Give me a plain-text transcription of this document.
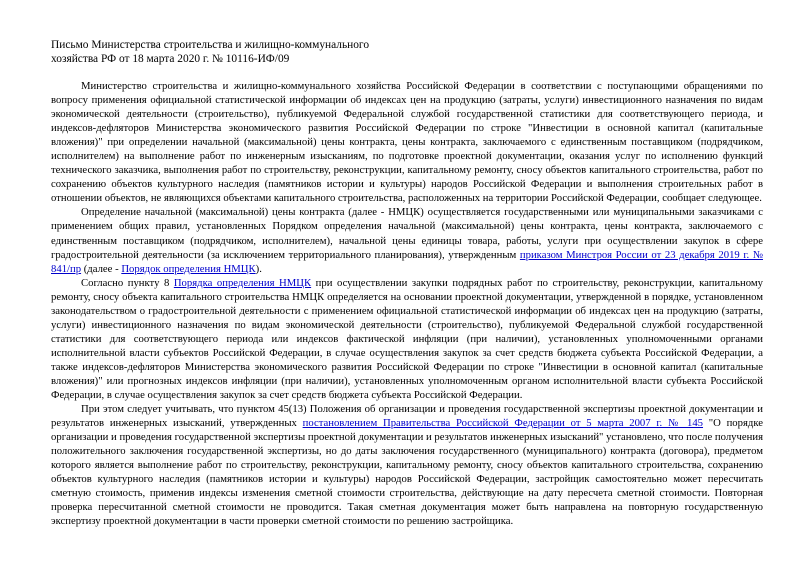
Письмо Министерства строительства и жилищно-коммунального
хозяйства РФ от 18 марта 2020 г. № 10116-ИФ/09

Министерство строительства и жилищно-коммунального хозяйства Российской Федерации в соответствии с поступающими обращениями по вопросу применения официальной статистической информации об индексах цен на продукцию (затраты, услуги) инвестиционного назначения по видам экономической деятельности (строительство), публикуемой Федеральной службой государственной статистики для соответствующего периода, и индексов-дефляторов Министерства экономического развития Российской Федерации по строке "Инвестиции в основной капитал (капитальные вложения)" при определении начальной (максимальной) цены контракта, цены контракта, заключаемого с единственным поставщиком (подрядчиком, исполнителем) на выполнение работ по инженерным изысканиям, по подготовке проектной документации, оказания услуг по исполнению функций технического заказчика, выполнения работ по строительству, реконструкции, капитальному ремонту, сносу объектов капитального строительства, работ по сохранению объектов культурного наследия (памятников истории и культуры) народов Российской Федерации и выполнения строительных работ в отношении объектов, не являющихся объектами капитального строительства, расположенных на территории Российской Федерации, сообщает следующее.

Определение начальной (максимальной) цены контракта (далее - НМЦК) осуществляется государственными или муниципальными заказчиками с применением общих правил, установленных Порядком определения начальной (максимальной) цены контракта, цены контракта, заключаемого с единственным поставщиком (подрядчиком, исполнителем), начальной цены единицы товара, работы, услуги при осуществлении закупок в сфере градостроительной деятельности (за исключением территориального планирования), утвержденным приказом Минстроя России от 23 декабря 2019 г. № 841/пр (далее - Порядок определения НМЦК).

Согласно пункту 8 Порядка определения НМЦК при осуществлении закупки подрядных работ по строительству, реконструкции, капитальному ремонту, сносу объекта капитального строительства НМЦК определяется на основании проектной документации, утвержденной в порядке, установленном законодательством о градостроительной деятельности с применением официальной статистической информации об индексах цен на продукцию (затраты, услуги) инвестиционного назначения по видам экономической деятельности (строительство), публикуемой Федеральной службой государственной статистики для соответствующего периода или индексов фактической инфляции (при наличии), установленных уполномоченными органами исполнительной власти субъектов Российской Федерации, в случае осуществления закупок за счет средств бюджета субъекта Российской Федерации, а также индексов-дефляторов Министерства экономического развития Российской Федерации по строке "Инвестиции в основной капитал (капитальные вложения)" или прогнозных индексов инфляции (при наличии), установленных уполномоченным органом исполнительной власти субъекта Российской Федерации, в случае осуществления закупок за счет средств бюджета субъекта Российской Федерации.

При этом следует учитывать, что пунктом 45(13) Положения об организации и проведения государственной экспертизы проектной документации и результатов инженерных изысканий, утвержденных постановлением Правительства Российской Федерации от 5 марта 2007 г. № 145 "О порядке организации и проведения государственной экспертизы проектной документации и результатов инженерных изысканий" установлено, что после получения положительного заключения государственной экспертизы, но до даты заключения государственного (муниципального) контракта (договора), предметом которого является выполнение работ по строительству, реконструкции, капитальному ремонту, сносу объектов капитального строительства, сохранению объектов культурного наследия (памятников истории и культуры) народов Российской Федерации, застройщик самостоятельно может пересчитать сметную стоимость, применив индексы изменения сметной стоимости строительства, действующие на дату пересчета сметной стоимости. Повторная проверка пересчитанной сметной стоимости не проводится. Такая сметная документация может быть направлена на повторную государственную экспертизу проектной документации в части проверки сметной стоимости по решению застройщика.
